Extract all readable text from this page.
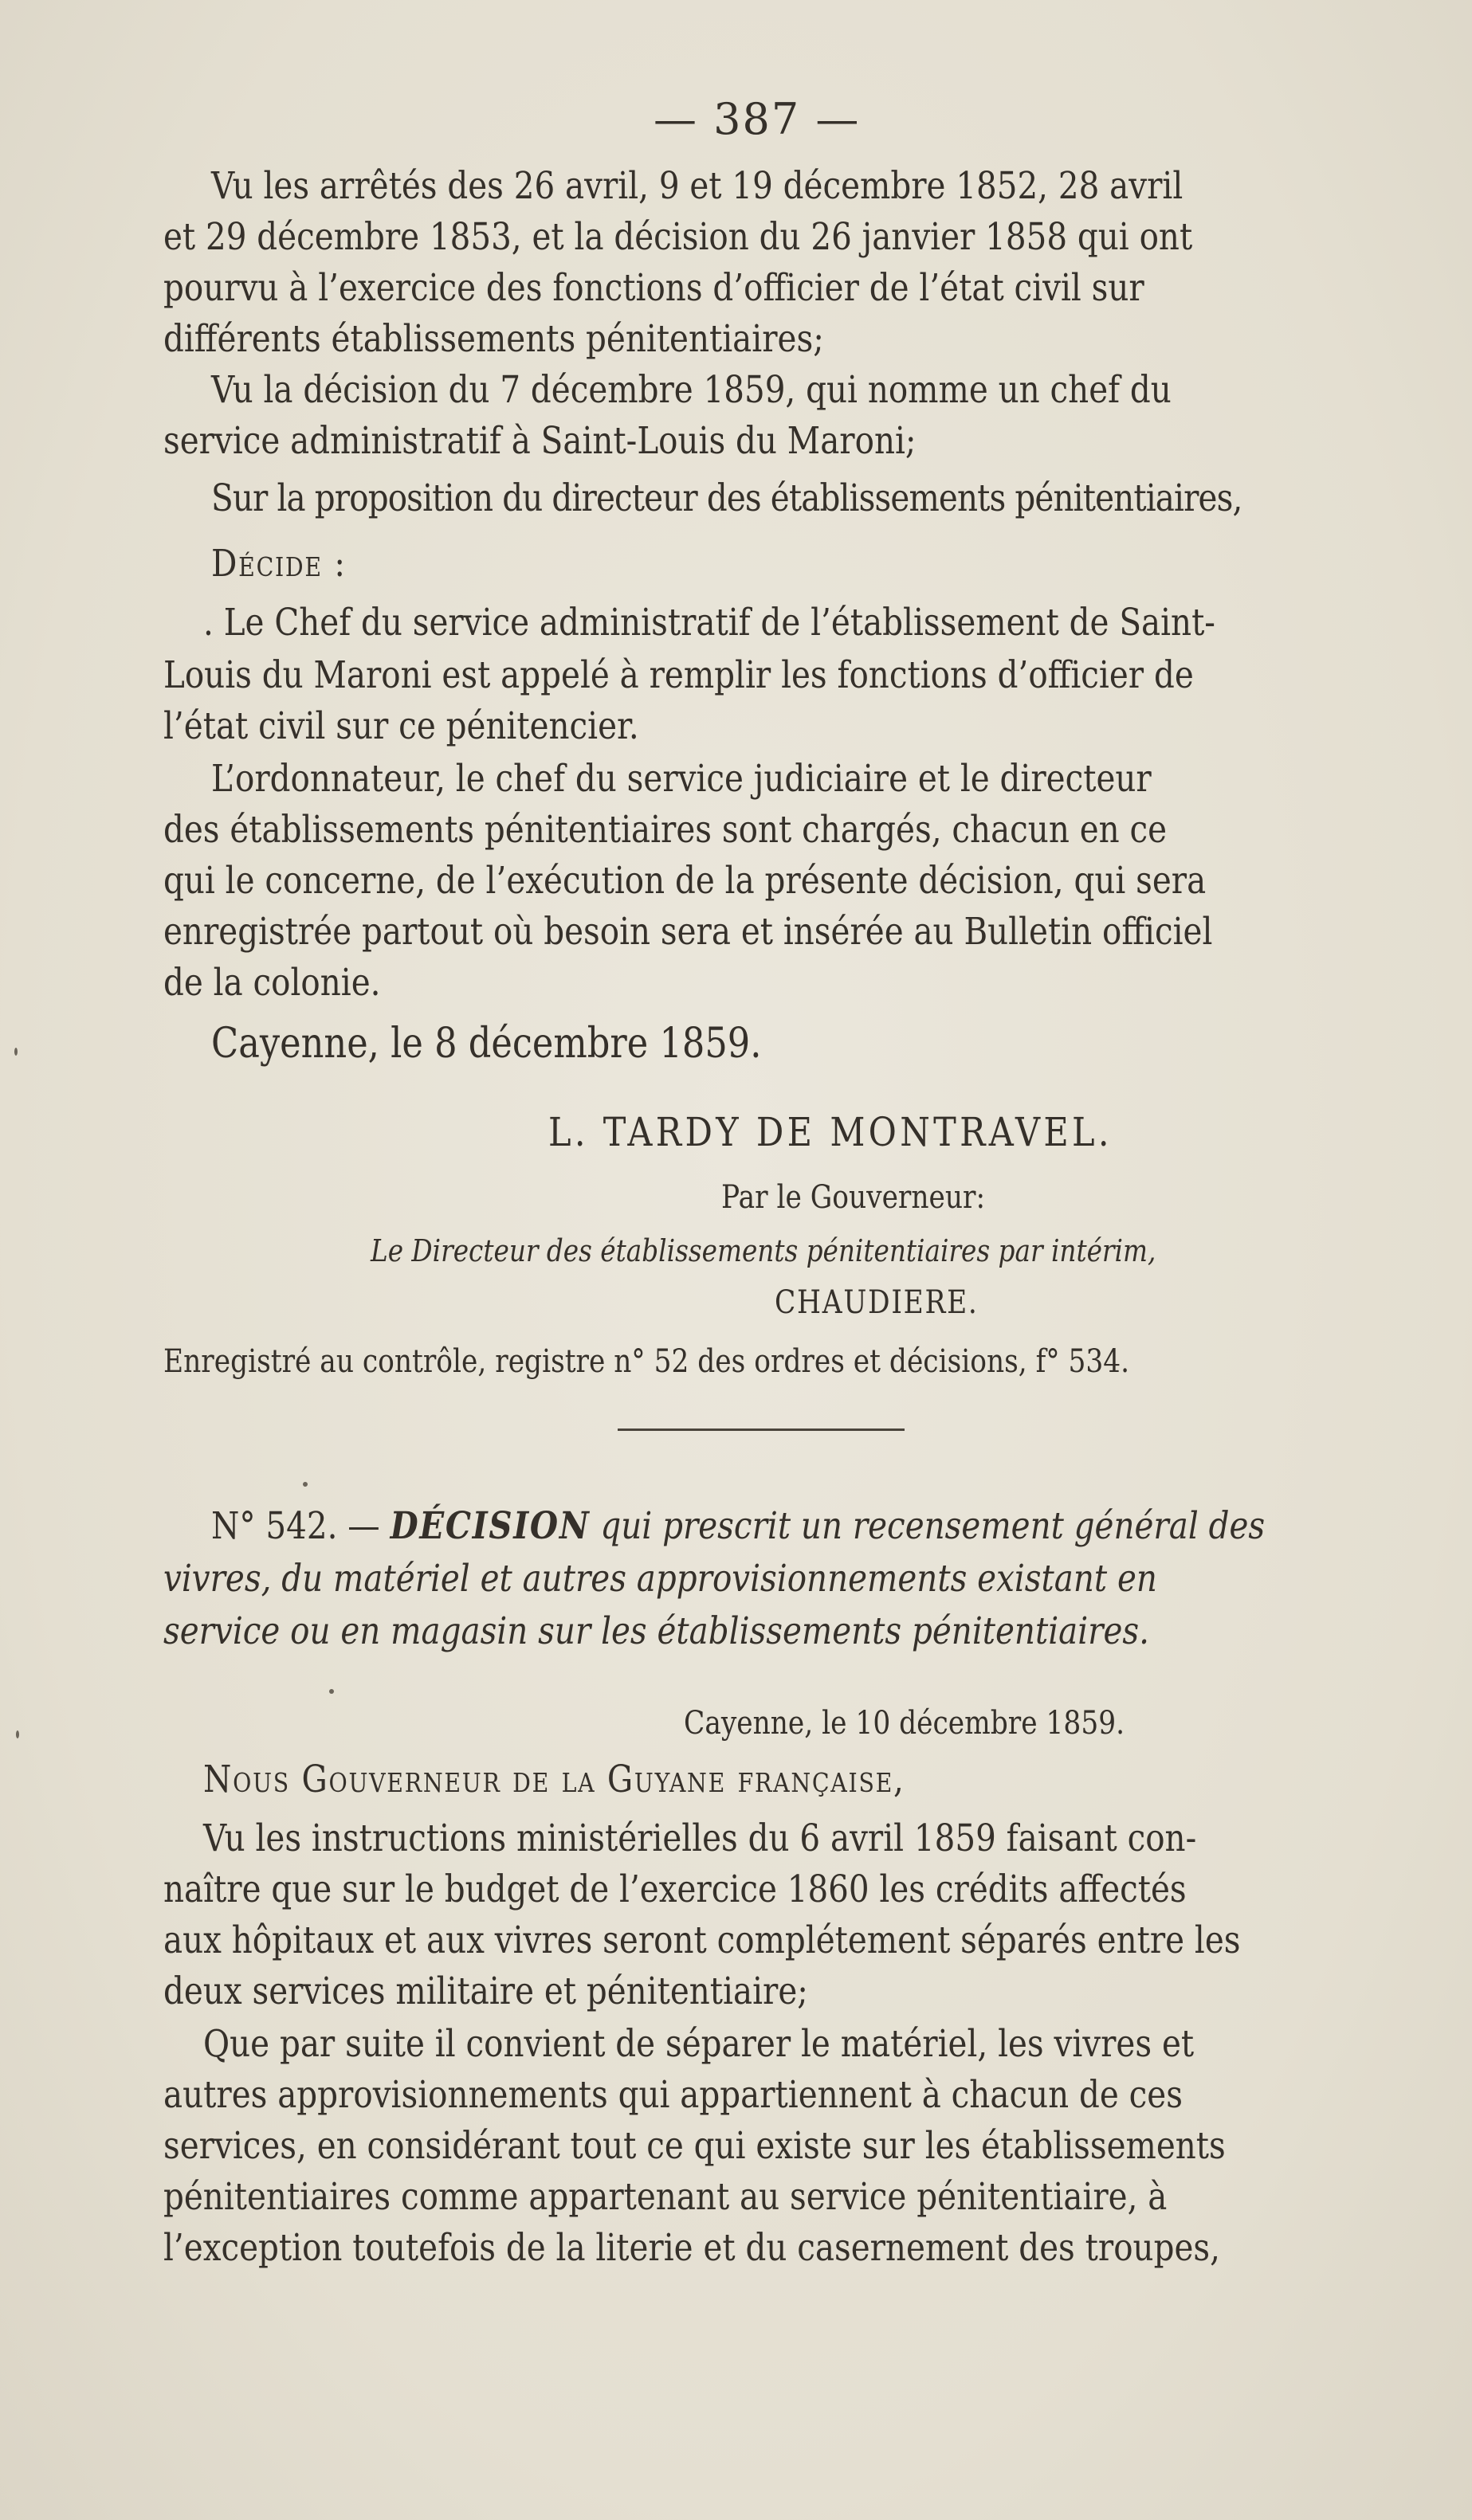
— 387 —
Vu les arrêtés des 26 avril, 9 et 19 décembre 1852, 28 avril
et 29 décembre 1853, et la décision du 26 janvier 1858 qui ont
pourvu à l’exercice des fonctions d’officier de l’état civil sur
différents établissements pénitentiaires;
Vu la décision du 7 décembre 1859, qui nomme un chef du
service administratif à Saint-Louis du Maroni;
Sur la proposition du directeur des établissements pénitentiaires,
Décide :
. Le Chef du service administratif de l’établissement de Saint-
Louis du Maroni est appelé à remplir les fonctions d’officier de
l’état civil sur ce pénitencier.
L’ordonnateur, le chef du service judiciaire et le directeur
des établissements pénitentiaires sont chargés, chacun en ce
qui le concerne, de l’exécution de la présente décision, qui sera
enregistrée partout où besoin sera et insérée au Bulletin officiel
de la colonie.
Cayenne, le 8 décembre 1859.
L. TARDY DE MONTRAVEL.
Par le Gouverneur:
Le Directeur des établissements pénitentiaires par intérim,
CHAUDIERE.
Enregistré au contrôle, registre n° 52 des ordres et décisions, f° 534.
N° 542. — DÉCISION qui prescrit un recensement général des
vivres, du matériel et autres approvisionnements existant en
service ou en magasin sur les établissements pénitentiaires.
Cayenne, le 10 décembre 1859.
Nous Gouverneur de la Guyane française,
Vu les instructions ministérielles du 6 avril 1859 faisant con-
naître que sur le budget de l’exercice 1860 les crédits affectés
aux hôpitaux et aux vivres seront complétement séparés entre les
deux services militaire et pénitentiaire;
Que par suite il convient de séparer le matériel, les vivres et
autres approvisionnements qui appartiennent à chacun de ces
services, en considérant tout ce qui existe sur les établissements
pénitentiaires comme appartenant au service pénitentiaire, à
l’exception toutefois de la literie et du casernement des troupes,
